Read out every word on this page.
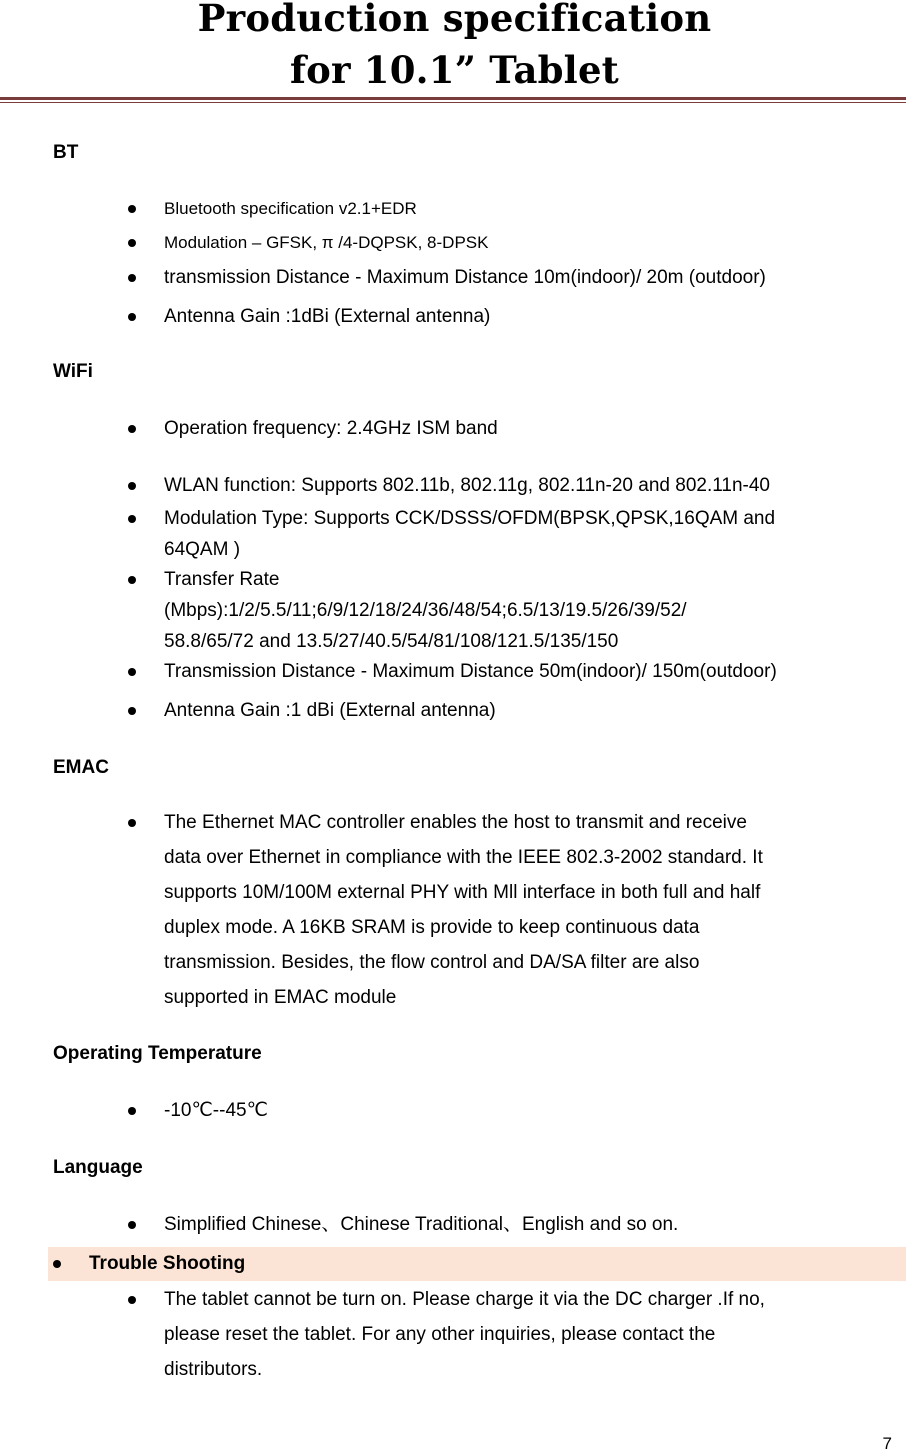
Production specification
for 10.1” Tablet
BT
Bluetooth specification v2.1+EDR
Modulation – GFSK, π /4-DQPSK, 8-DPSK
transmission Distance - Maximum Distance 10m(indoor)/ 20m (outdoor)
Antenna Gain :1dBi (External antenna)
WiFi
Operation frequency: 2.4GHz ISM band
WLAN function: Supports 802.11b, 802.11g, 802.11n-20 and 802.11n-40
Modulation Type: Supports CCK/DSSS/OFDM(BPSK,QPSK,16QAM and
64QAM )
Transfer Rate
(Mbps):1/2/5.5/11;6/9/12/18/24/36/48/54;6.5/13/19.5/26/39/52/
58.8/65/72 and 13.5/27/40.5/54/81/108/121.5/135/150
Transmission Distance - Maximum Distance 50m(indoor)/ 150m(outdoor)
Antenna Gain :1 dBi (External antenna)
EMAC
The Ethernet MAC controller enables the host to transmit and receive
data over Ethernet in compliance with the IEEE 802.3-2002 standard. It
supports 10M/100M external PHY with Mll interface in both full and half
duplex mode. A 16KB SRAM is provide to keep continuous data
transmission. Besides, the flow control and DA/SA filter are also
supported in EMAC module
Operating Temperature
-10℃--45℃
Language
Simplified Chinese、Chinese Traditional、English and so on.
Trouble Shooting
The tablet cannot be turn on. Please charge it via the DC charger .If no,
please reset the tablet. For any other inquiries, please contact the
distributors.
7
